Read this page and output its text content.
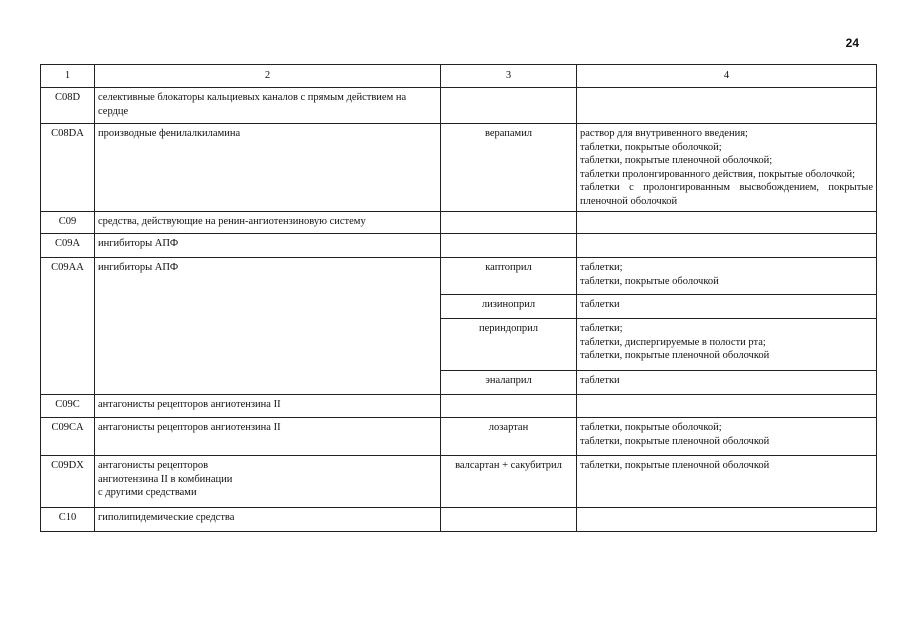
24
1	2	3	4
C08D	селективные блокаторы кальциевых каналов с прямым действием на сердце		
C08DA	производные фенилалкиламина	верапамил	раствор для внутривенного введения;
таблетки, покрытые оболочкой;
таблетки, покрытые пленочной оболочкой;
таблетки пролонгированного действия, покрытые оболочкой;
таблетки с пролонгированным высвобождением, покрытые пленочной оболочкой

C09	средства, действующие на ренин-ангиотензиновую систему		
C09A	ингибиторы АПФ		
C09AA	ингибиторы АПФ	каптоприл	таблетки;
таблетки, покрытые оболочкой

		лизиноприл	таблетки

		периндоприл	таблетки;
таблетки, диспергируемые в полости рта;
таблетки, покрытые пленочной оболочкой

		эналаприл	таблетки

C09C	антагонисты рецепторов ангиотензина II		
C09CA	антагонисты рецепторов ангиотензина II	лозартан	таблетки, покрытые оболочкой;
таблетки, покрытые пленочной оболочкой

C09DX	антагонисты рецепторов
ангиотензина II в комбинации
с другими средствами	валсартан + сакубитрил	таблетки, покрытые пленочной оболочкой

C10	гиполипидемические средства		
